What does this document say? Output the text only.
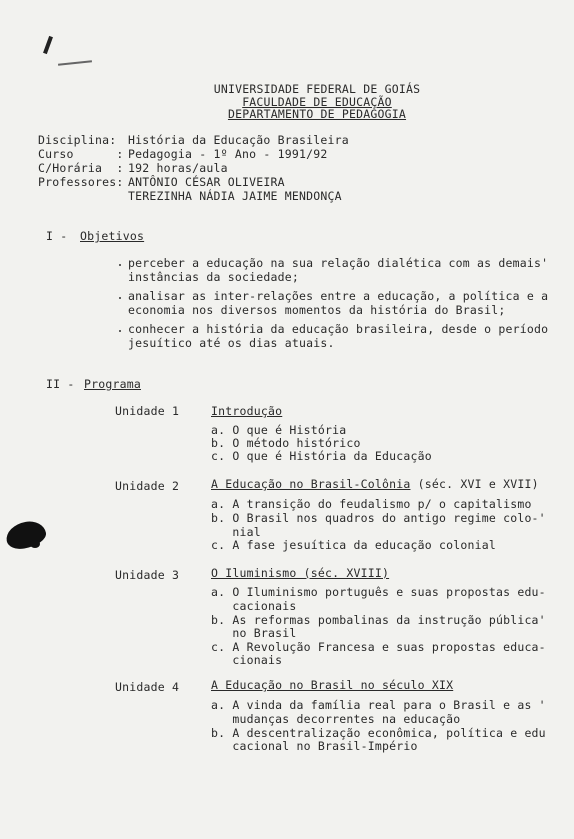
UNIVERSIDADE FEDERAL DE GOIÁS
FACULDADE DE EDUCAÇÃO
DEPARTAMENTO DE PEDAGOGIA
Disciplina: História da Educação Brasileira
Curso      : Pedagogia - 1º Ano - 1991/92
C/Horária  : 192 horas/aula
Professores: ANTÔNIO CÉSAR OLIVEIRA
TEREZINHA NÁDIA JAIME MENDONÇA
I - Objetivos
perceber a educação na sua relação dialética com as demais'
instâncias da sociedade;
analisar as inter-relações entre a educação, a política e a
economia nos diversos momentos da história do Brasil;
conhecer a história da educação brasileira, desde o período
jesuítico até os dias atuais.
II - Programa
Unidade 1	Introdução
a. O que é História
b. O método histórico
c. O que é História da Educação
Unidade 2	A Educação no Brasil-Colônia (séc. XVI e XVII)
a. A transição do feudalismo p/ o capitalismo
b. O Brasil nos quadros do antigo regime colo-'
nial
c. A fase jesuítica da educação colonial
Unidade 3	O Iluminismo (séc. XVIII)
a. O Iluminismo português e suas propostas edu-
cacionais
b. As reformas pombalinas da instrução pública'
no Brasil
c. A Revolução Francesa e suas propostas educa-
cionais
Unidade 4	A Educação no Brasil no século XIX
a. A vinda da família real para o Brasil e as '
mudanças decorrentes na educação
b. A descentralização econômica, política e edu
cacional no Brasil-Império
